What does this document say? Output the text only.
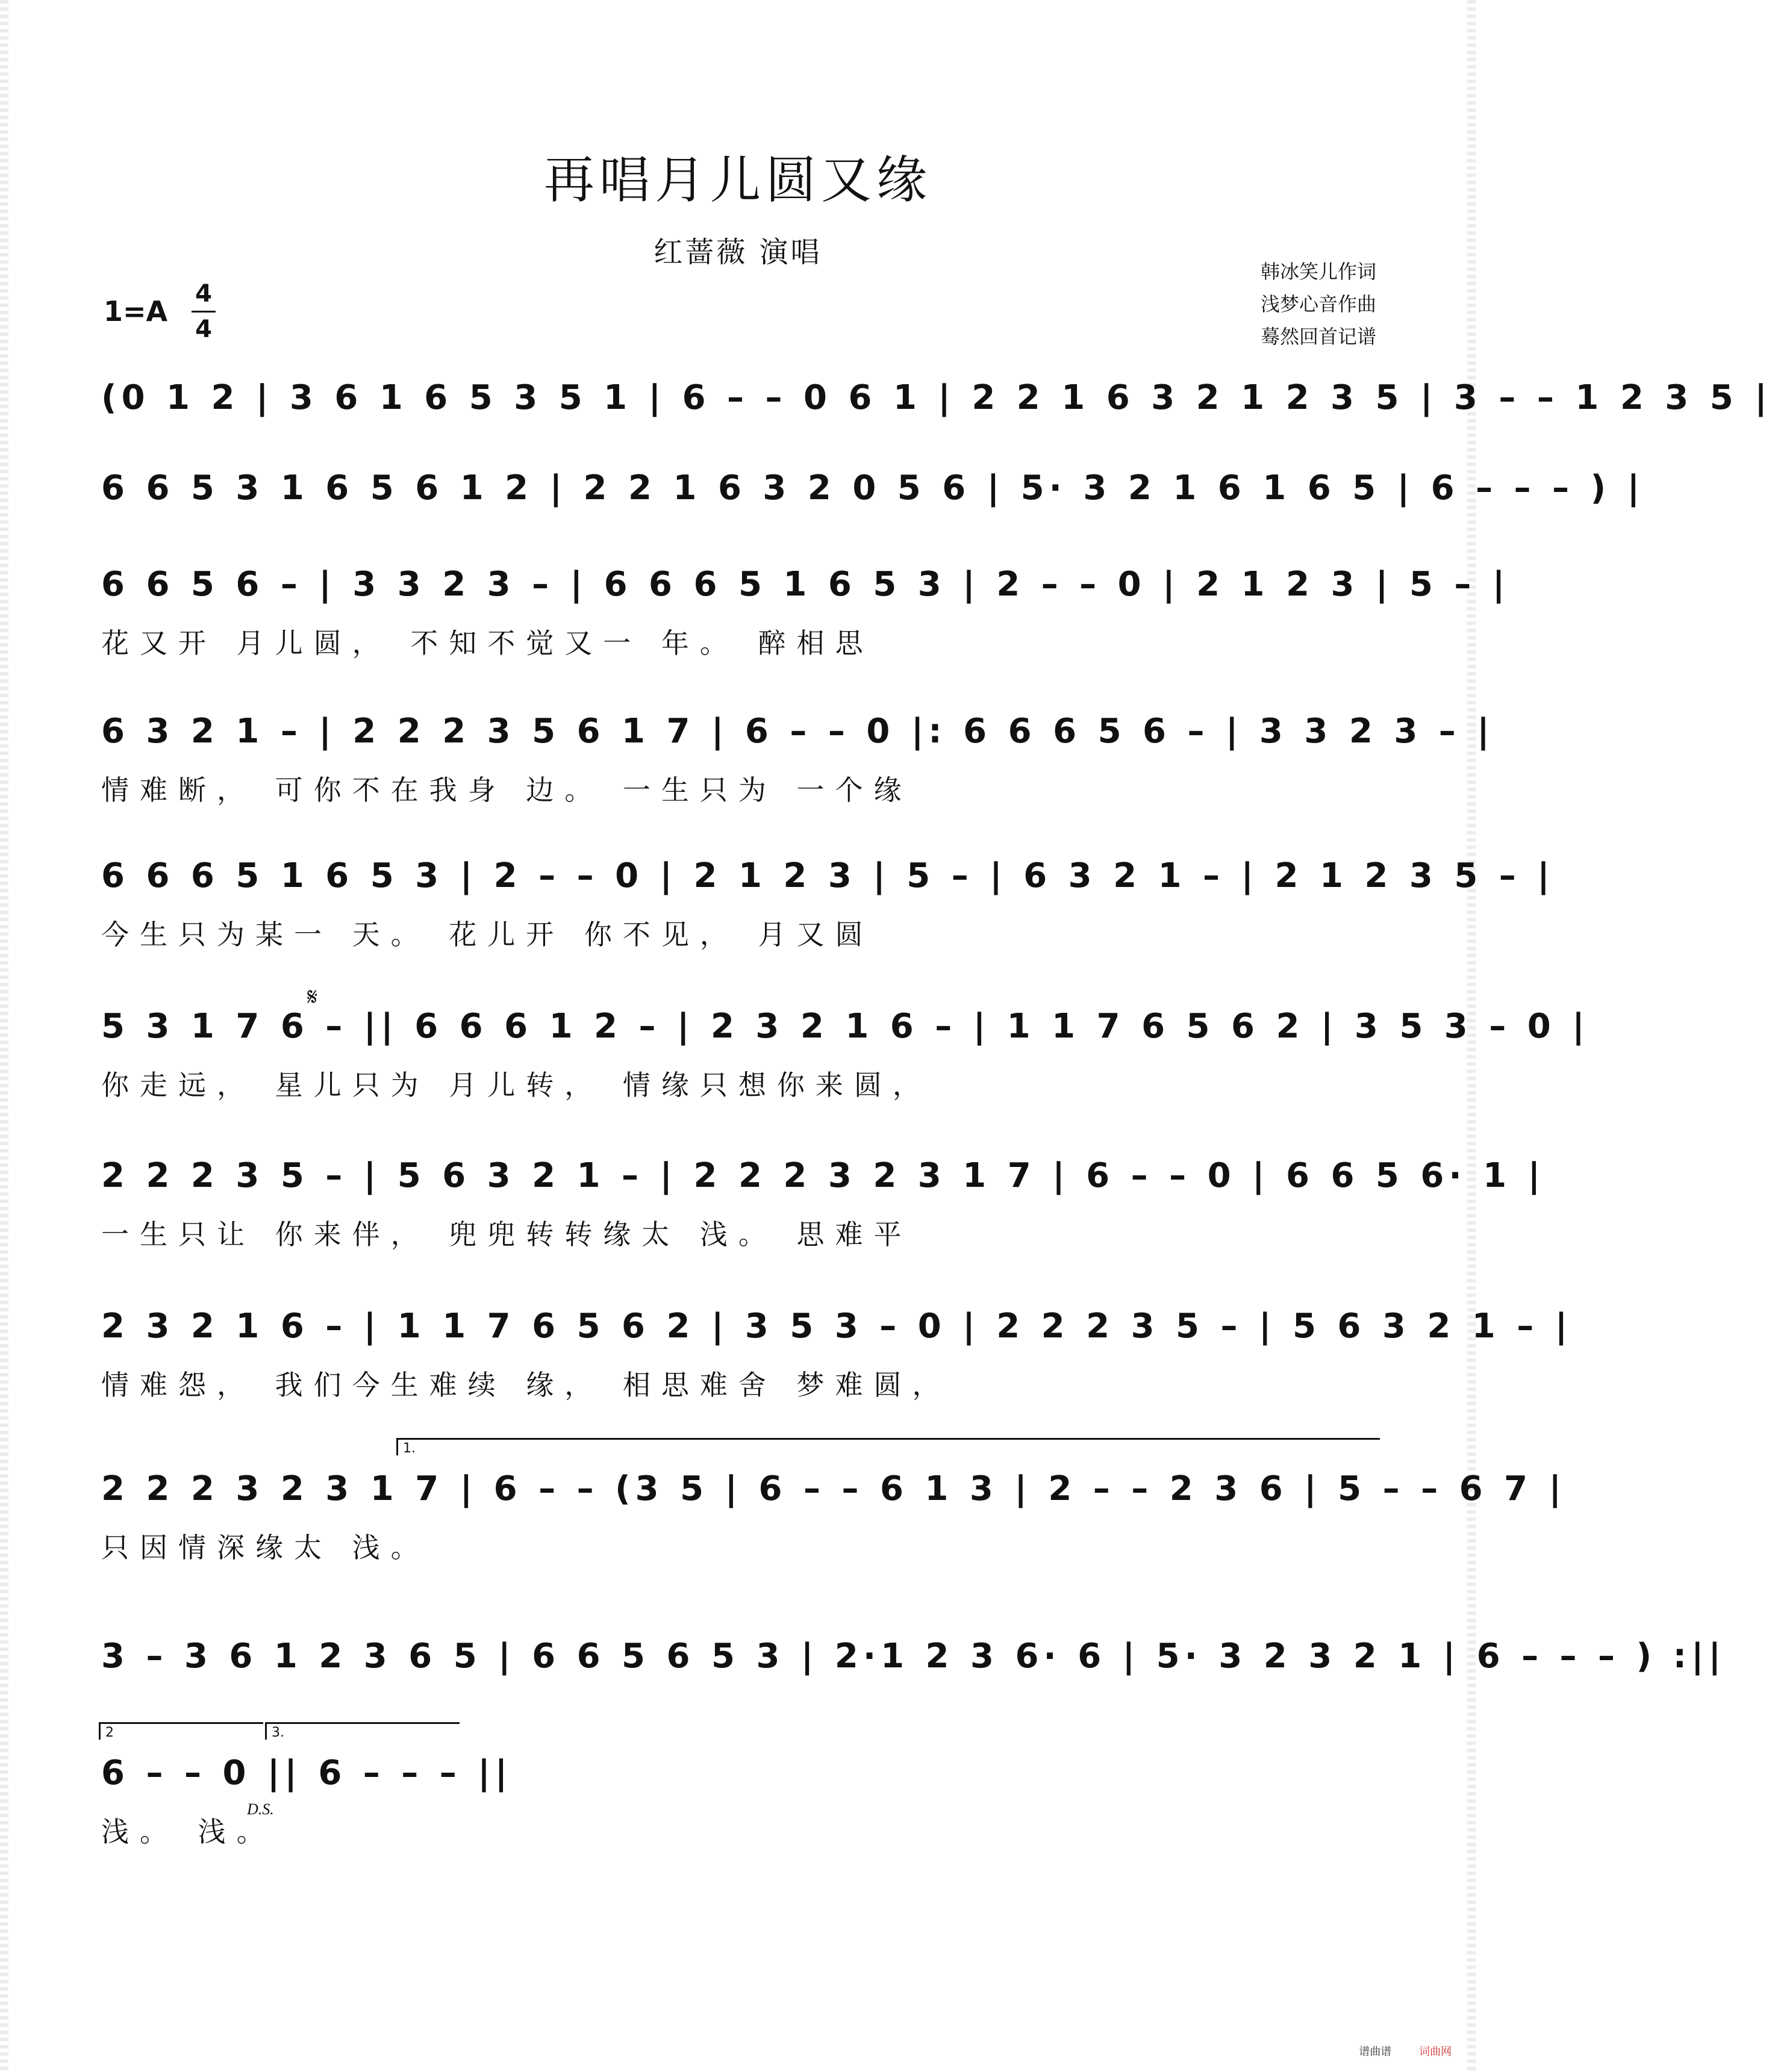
再唱月儿圆又缘
红蔷薇 演唱
韩冰笑儿作词
浅梦心音作曲
蓦然回首记谱
1=A
4
4
(0 1 2 | 3 6 1 6 5 3 5 1 | 6 – – 0 6 1 | 2 2 1 6 3 2 1 2 3 5 | 3 – – 1 2 3 5 |
6 6 5 3 1 6 5 6 1 2 | 2 2 1 6 3 2 0 5 6 | 5· 3 2 1 6 1 6 5 | 6 – – – ) |
6 6 5 6 – | 3 3 2 3 – | 6 6 6 5 1 6 5 3 | 2 – – 0 | 2 1 2 3 | 5 – |
花又开 月儿圆， 不知不觉又一 年。 醉相思
6 3 2 1 – | 2 2 2 3 5 6 1 7 | 6 – – 0 |: 6 6 6 5 6 – | 3 3 2 3 – |
情难断， 可你不在我身 边。 一生只为 一个缘
6 6 6 5 1 6 5 3 | 2 – – 0 | 2 1 2 3 | 5 – | 6 3 2 1 – | 2 1 2 3 5 – |
今生只为某一 天。 花儿开 你不见， 月又圆
𝄋
5 3 1 7 6 – || 6 6 6 1 2 – | 2 3 2 1 6 – | 1 1 7 6 5 6 2 | 3 5 3 – 0 |
你走远， 星儿只为 月儿转， 情缘只想你来圆，
2 2 2 3 5 – | 5 6 3 2 1 – | 2 2 2 3 2 3 1 7 | 6 – – 0 | 6 6 5 6· 1 |
一生只让 你来伴， 兜兜转转缘太 浅。 思难平
2 3 2 1 6 – | 1 1 7 6 5 6 2 | 3 5 3 – 0 | 2 2 2 3 5 – | 5 6 3 2 1 – |
情难怨， 我们今生难续 缘， 相思难舍 梦难圆，
1.
2 2 2 3 2 3 1 7 | 6 – – (3 5 | 6 – – 6 1 3 | 2 – – 2 3 6 | 5 – – 6 7 |
只因情深缘太 浅。
3 – 3 6 1 2 3 6 5 | 6 6 5 6 5 3 | 2·1 2 3 6· 6 | 5· 3 2 3 2 1 | 6 – – – ) :||
2	3.
D.S.
6 – – 0 || 6 – – – ||
浅。 浅。
谱曲谱	词曲网
